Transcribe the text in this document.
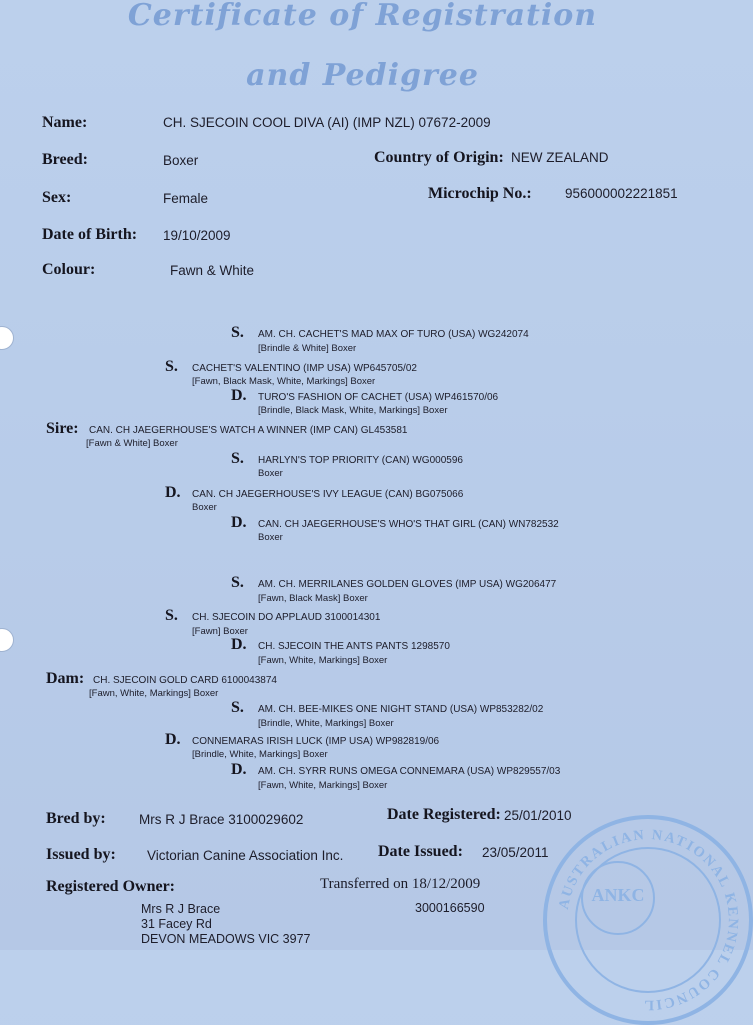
Certificate of Registration
and Pedigree
Name:	CH. SJECOIN COOL DIVA (AI) (IMP NZL) 07672-2009
Breed:	Boxer	Country of Origin: NEW ZEALAND
Sex:	Female	Microchip No.: 956000002221851
Date of Birth: 19/10/2009
Colour:	Fawn & White
S. AM. CH. CACHET'S MAD MAX OF TURO (USA) WG242074
[Brindle & White] Boxer
S. CACHET'S VALENTINO (IMP USA) WP645705/02
[Fawn, Black Mask, White, Markings] Boxer
D. TURO'S FASHION OF CACHET (USA) WP461570/06
[Brindle, Black Mask, White, Markings] Boxer
Sire: CAN. CH JAEGERHOUSE'S WATCH A WINNER (IMP CAN) GL453581
[Fawn & White] Boxer
S. HARLYN'S TOP PRIORITY (CAN) WG000596
Boxer
D. CAN. CH JAEGERHOUSE'S IVY LEAGUE (CAN) BG075066
Boxer
D. CAN. CH JAEGERHOUSE'S WHO'S THAT GIRL (CAN) WN782532
Boxer
S. AM. CH. MERRILANES GOLDEN GLOVES (IMP USA) WG206477
[Fawn, Black Mask] Boxer
S. CH. SJECOIN DO APPLAUD 3100014301
[Fawn] Boxer
D. CH. SJECOIN THE ANTS PANTS 1298570
[Fawn, White, Markings] Boxer
Dam: CH. SJECOIN GOLD CARD 6100043874
[Fawn, White, Markings] Boxer
S. AM. CH. BEE-MIKES ONE NIGHT STAND (USA) WP853282/02
[Brindle, White, Markings] Boxer
D. CONNEMARAS IRISH LUCK (IMP USA) WP982819/06
[Brindle, White, Markings] Boxer
D. AM. CH. SYRR RUNS OMEGA CONNEMARA (USA) WP829557/03
[Fawn, White, Markings] Boxer
Bred by: Mrs R J Brace 3100029602	Date Registered: 25/01/2010
Issued by: Victorian Canine Association Inc. Date Issued: 23/05/2011
Registered Owner:	Transferred on 18/12/2009
Mrs R J Brace
31 Facey Rd
DEVON MEADOWS VIC 3977
3000166590	AUSTRALIAN NATIONAL KENNEL COUNCIL
ANKC
